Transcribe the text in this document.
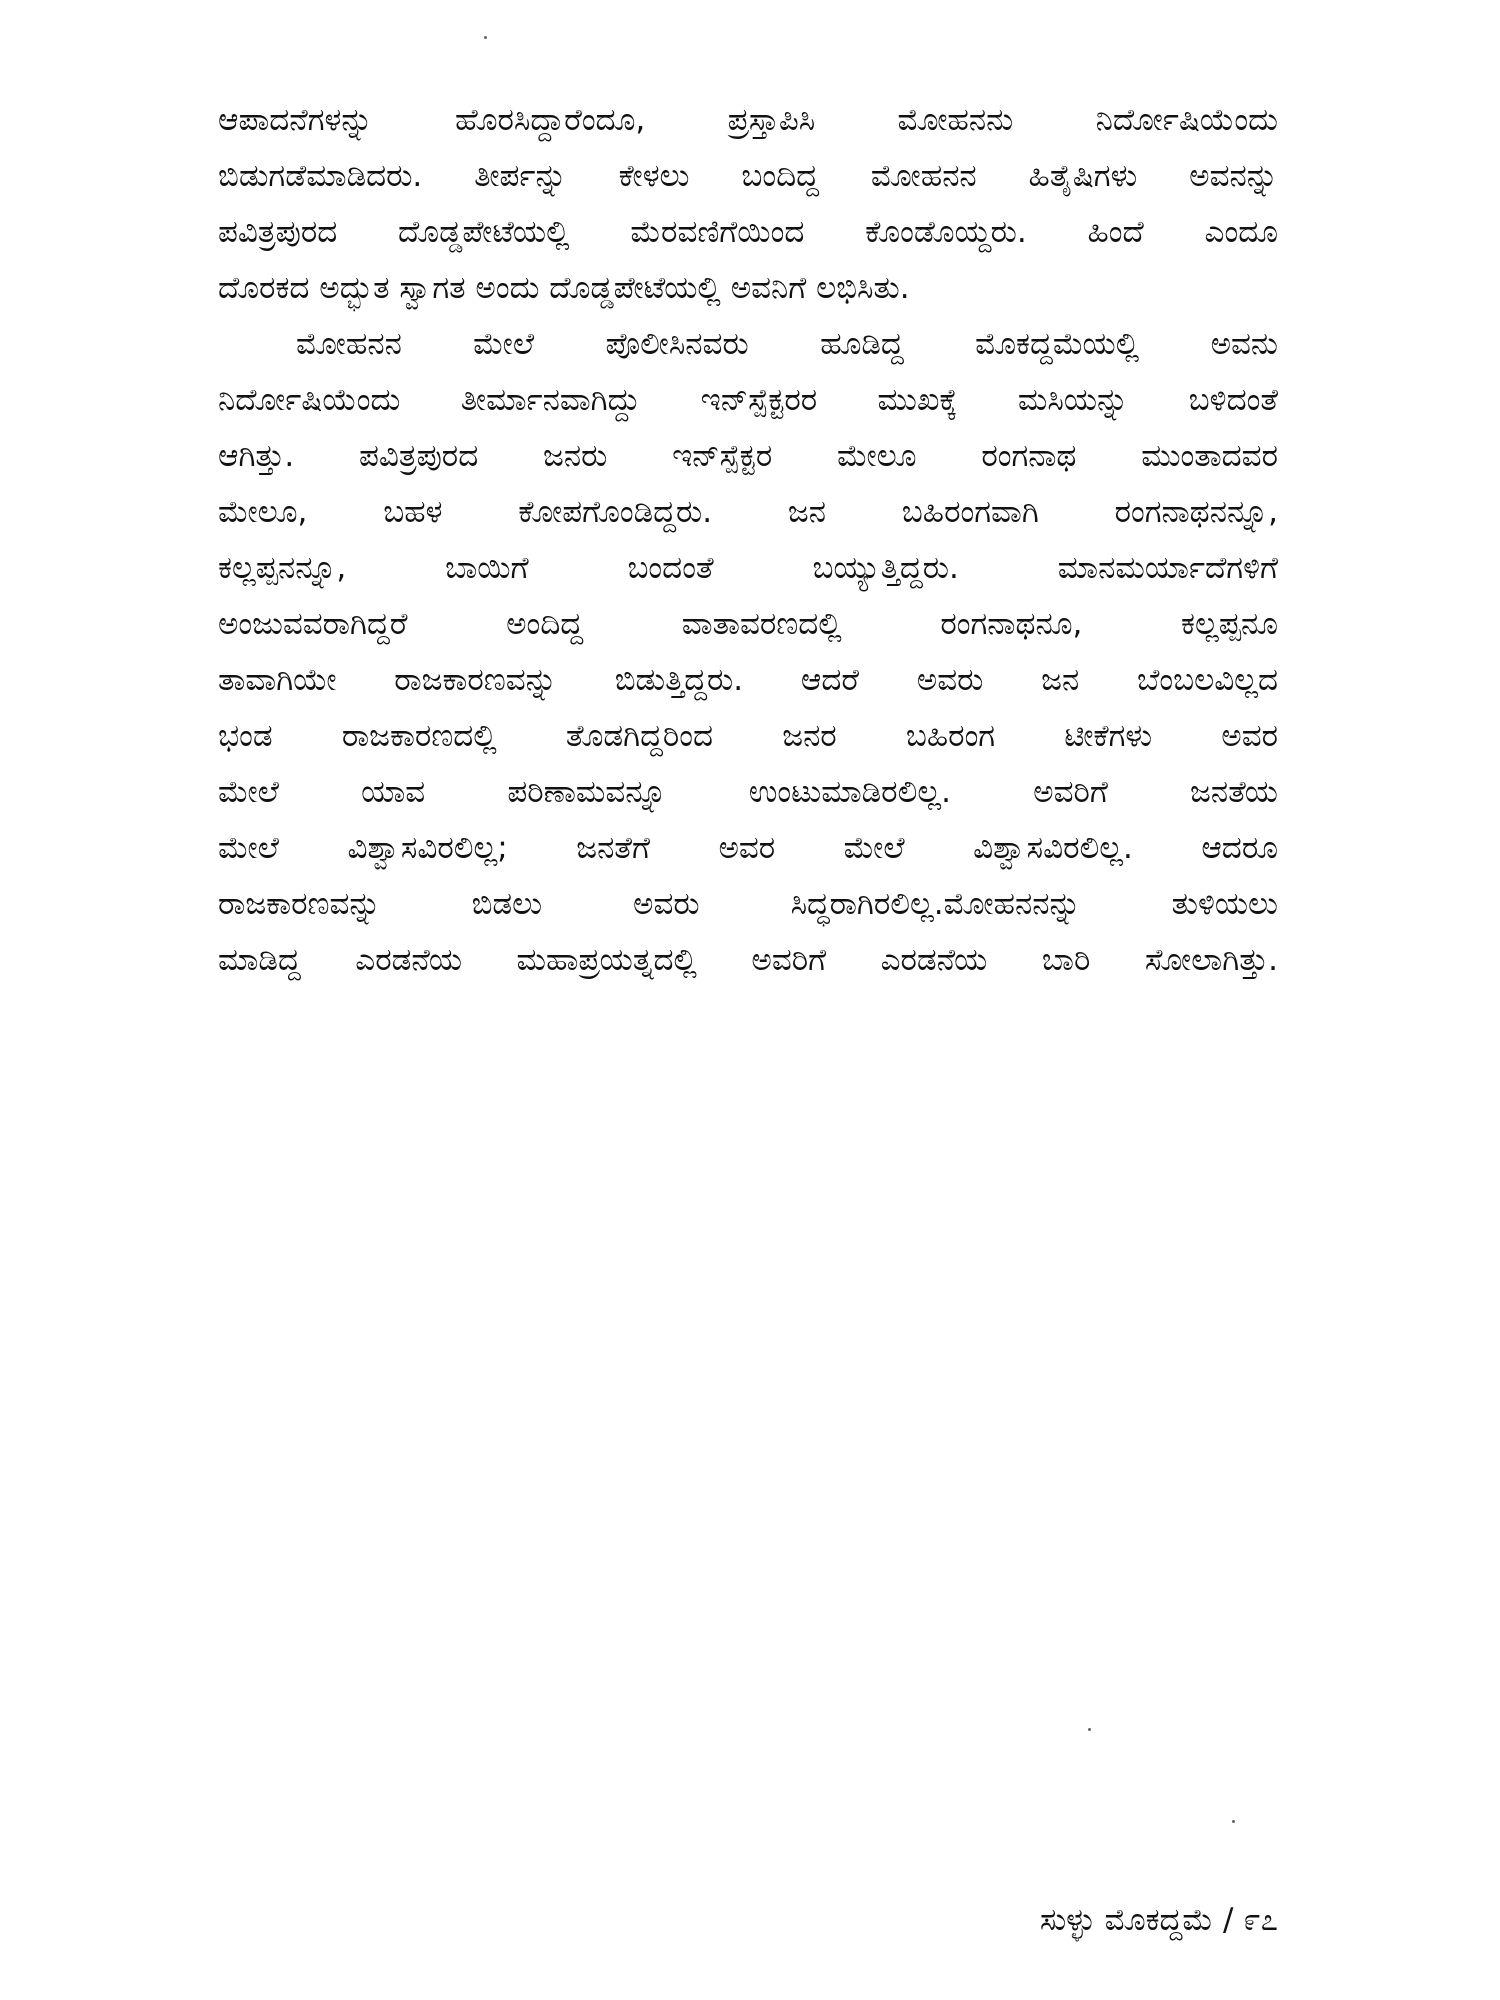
ಆಪಾದನೆಗಳನ್ನು ಹೊರಸಿದ್ದಾರೆಂದೂ, ಪ್ರಸ್ತಾಪಿಸಿ ಮೋಹನನು ನಿರ್ದೋಷಿಯೆಂದು
ಬಿಡುಗಡೆಮಾಡಿದರು. ತೀರ್ಪನ್ನು ಕೇಳಲು ಬಂದಿದ್ದ ಮೋಹನನ ಹಿತೈಷಿಗಳು ಅವನನ್ನು
ಪವಿತ್ರಪುರದ ದೊಡ್ಡಪೇಟೆಯಲ್ಲಿ ಮೆರವಣಿಗೆಯಿಂದ ಕೊಂಡೊಯ್ದರು. ಹಿಂದೆ ಎಂದೂ
ದೊರಕದ ಅದ್ಭುತ ಸ್ವಾಗತ ಅಂದು ದೊಡ್ಡಪೇಟೆಯಲ್ಲಿ ಅವನಿಗೆ ಲಭಿಸಿತು.
ಮೋಹನನ ಮೇಲೆ ಪೊಲೀಸಿನವರು ಹೂಡಿದ್ದ ಮೊಕದ್ದಮೆಯಲ್ಲಿ ಅವನು
ನಿರ್ದೋಷಿಯೆಂದು ತೀರ್ಮಾನವಾಗಿದ್ದು ಇನ್‌ಸ್ಪೆಕ್ಟರರ ಮುಖಕ್ಕೆ ಮಸಿಯನ್ನು ಬಳಿದಂತೆ
ಆಗಿತ್ತು. ಪವಿತ್ರಪುರದ ಜನರು ಇನ್‌ಸ್ಪೆಕ್ಟರ ಮೇಲೂ ರಂಗನಾಥ ಮುಂತಾದವರ
ಮೇಲೂ, ಬಹಳ ಕೋಪಗೊಂಡಿದ್ದರು. ಜನ ಬಹಿರಂಗವಾಗಿ ರಂಗನಾಥನನ್ನೂ,
ಕಲ್ಲಪ್ಪನನ್ನೂ, ಬಾಯಿಗೆ ಬಂದಂತೆ ಬಯ್ಯುತ್ತಿದ್ದರು. ಮಾನಮರ್ಯಾದೆಗಳಿಗೆ
ಅಂಜುವವರಾಗಿದ್ದರೆ ಅಂದಿದ್ದ ವಾತಾವರಣದಲ್ಲಿ ರಂಗನಾಥನೂ, ಕಲ್ಲಪ್ಪನೂ
ತಾವಾಗಿಯೇ ರಾಜಕಾರಣವನ್ನು ಬಿಡುತ್ತಿದ್ದರು. ಆದರೆ ಅವರು ಜನ ಬೆಂಬಲವಿಲ್ಲದ
ಭಂಡ ರಾಜಕಾರಣದಲ್ಲಿ ತೊಡಗಿದ್ದರಿಂದ ಜನರ ಬಹಿರಂಗ ಟೀಕೆಗಳು ಅವರ
ಮೇಲೆ ಯಾವ ಪರಿಣಾಮವನ್ನೂ ಉಂಟುಮಾಡಿರಲಿಲ್ಲ. ಅವರಿಗೆ ಜನತೆಯ
ಮೇಲೆ ವಿಶ್ವಾಸವಿರಲಿಲ್ಲ; ಜನತೆಗೆ ಅವರ ಮೇಲೆ ವಿಶ್ವಾಸವಿರಲಿಲ್ಲ. ಆದರೂ
ರಾಜಕಾರಣವನ್ನು ಬಿಡಲು ಅವರು ಸಿದ್ಧರಾಗಿರಲಿಲ್ಲ.ಮೋಹನನನ್ನು ತುಳಿಯಲು
ಮಾಡಿದ್ದ ಎರಡನೆಯ ಮಹಾಪ್ರಯತ್ನದಲ್ಲಿ ಅವರಿಗೆ ಎರಡನೆಯ ಬಾರಿ ಸೋಲಾಗಿತ್ತು.
ಸುಳ್ಳು ಮೊಕದ್ದಮೆ / ೯೭
